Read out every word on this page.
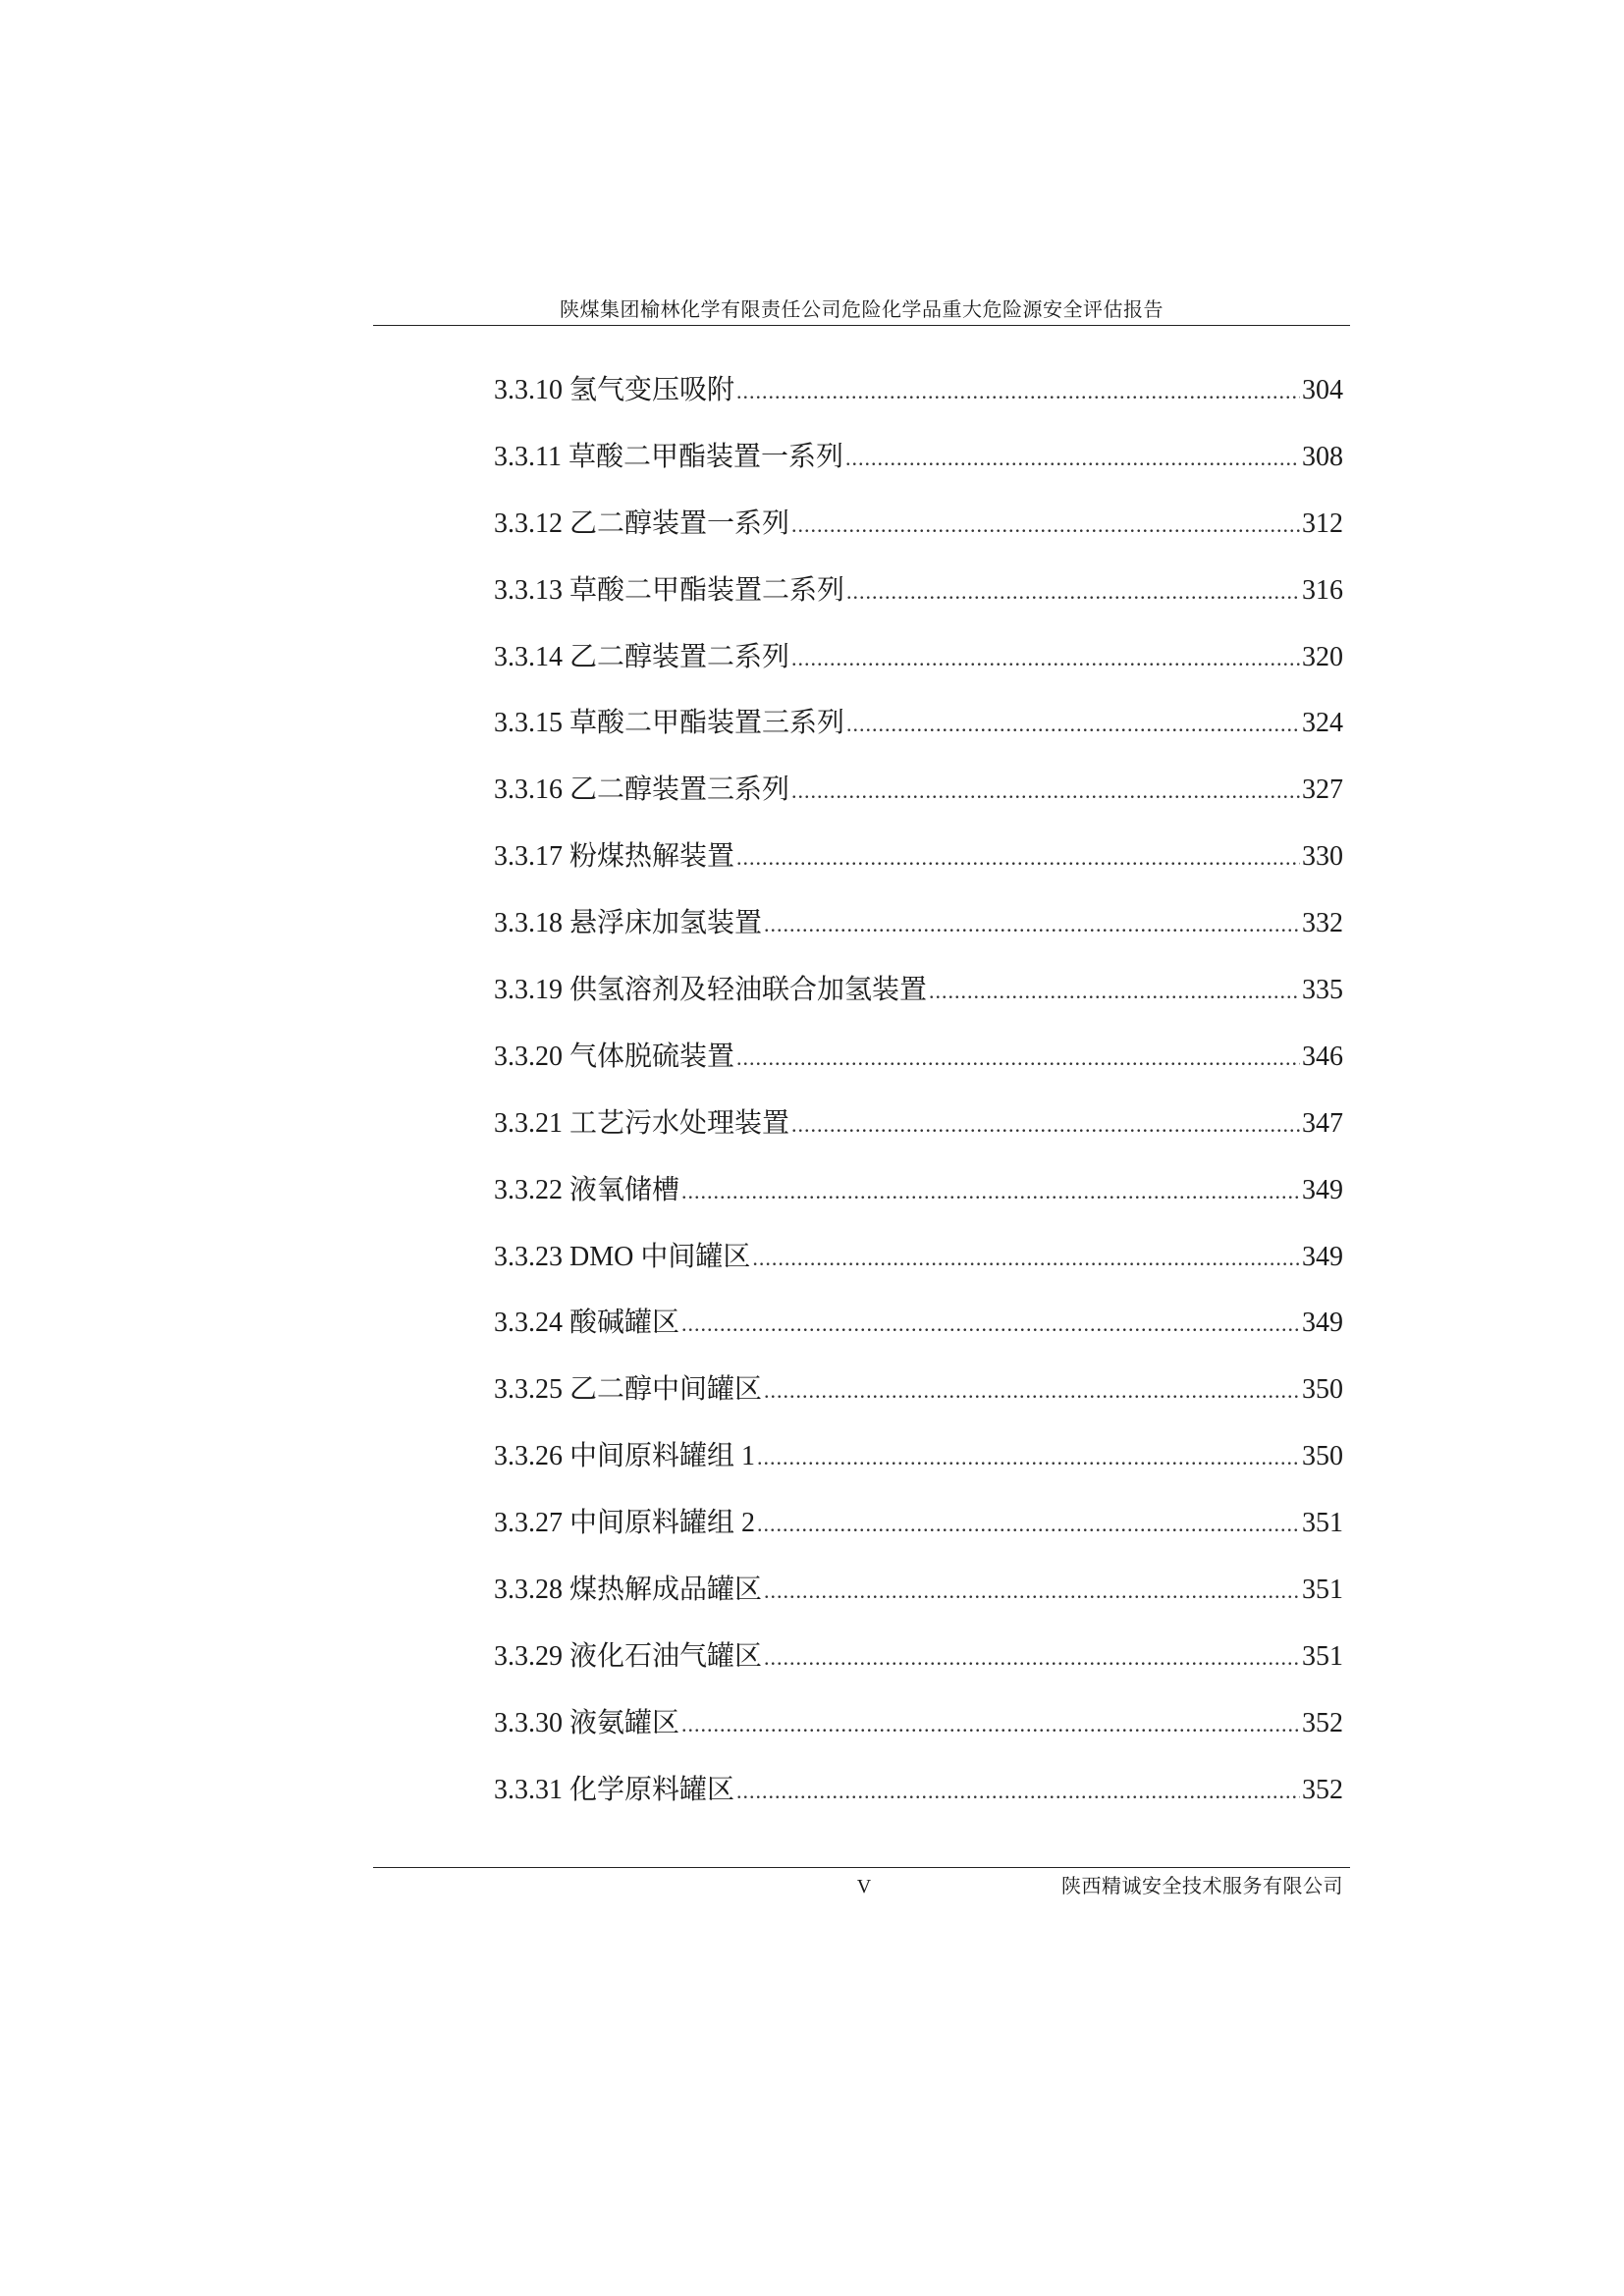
陕煤集团榆林化学有限责任公司危险化学品重大危险源安全评估报告
3.3.10 氢气变压吸附 .....	304
3.3.11 草酸二甲酯装置一系列 .....	308
3.3.12 乙二醇装置一系列 .....	312
3.3.13 草酸二甲酯装置二系列 .....	316
3.3.14 乙二醇装置二系列 .....	320
3.3.15 草酸二甲酯装置三系列 .....	324
3.3.16 乙二醇装置三系列 .....	327
3.3.17 粉煤热解装置 .....	330
3.3.18 悬浮床加氢装置 .....	332
3.3.19 供氢溶剂及轻油联合加氢装置 .....	335
3.3.20 气体脱硫装置 .....	346
3.3.21 工艺污水处理装置 .....	347
3.3.22 液氧储槽 .....	349
3.3.23 DMO 中间罐区 .....	349
3.3.24 酸碱罐区 .....	349
3.3.25 乙二醇中间罐区 .....	350
3.3.26 中间原料罐组 1 .....	350
3.3.27 中间原料罐组 2 .....	351
3.3.28 煤热解成品罐区 .....	351
3.3.29 液化石油气罐区 .....	351
3.3.30 液氨罐区 .....	352
3.3.31 化学原料罐区 .....	352
V	陕西精诚安全技术服务有限公司
